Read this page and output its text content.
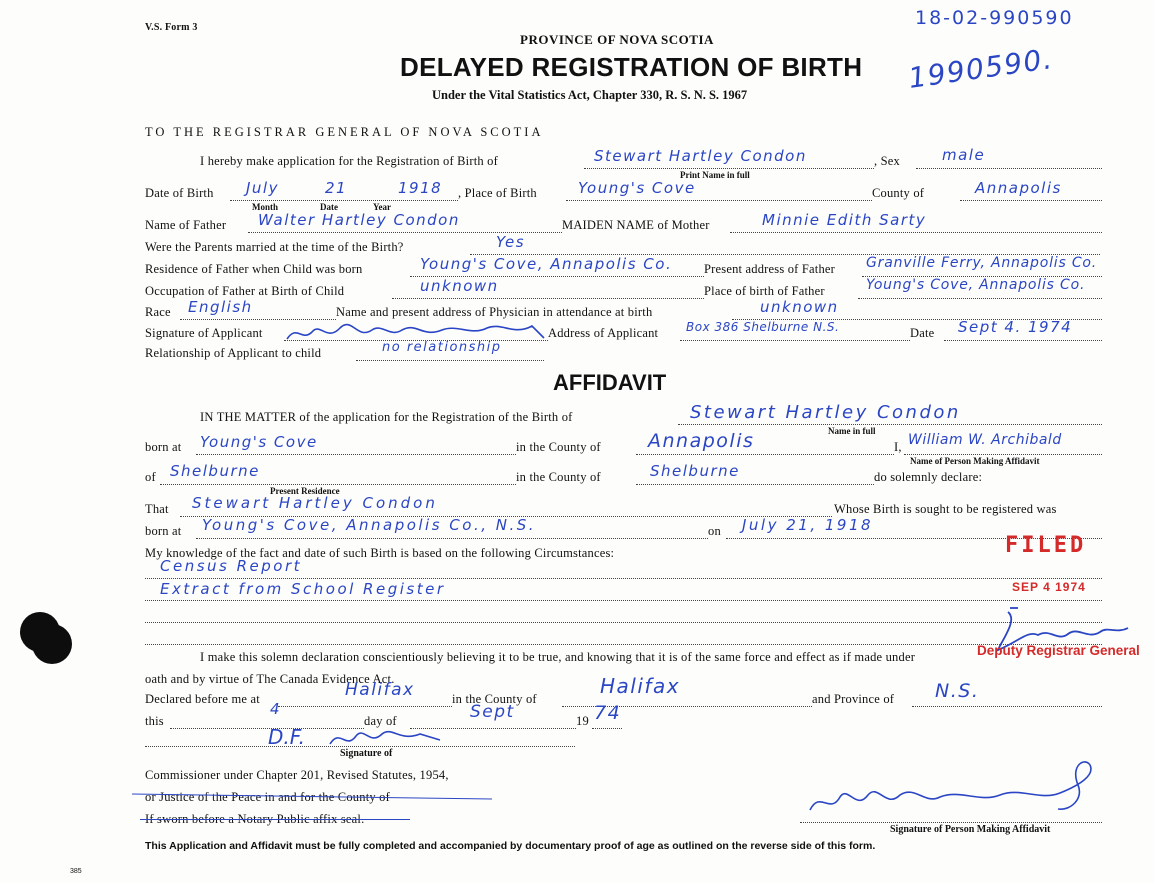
V.S. Form 3
PROVINCE OF NOVA SCOTIA
DELAYED REGISTRATION OF BIRTH
Under the Vital Statistics Act, Chapter 330, R. S. N. S. 1967
18-02-990590
1990590.
TO THE REGISTRAR GENERAL OF NOVA SCOTIA
I hereby make application for the Registration of Birth of	Stewart Hartley Condon	, Sex	male
Print Name in full
Date of Birth July	21	1918
Month	Date	Year
, Place of Birth	Young's Cove	County of	Annapolis
Name of Father Walter Hartley Condon	MAIDEN NAME of Mother	Minnie Edith Sarty
Were the Parents married at the time of the Birth?	Yes
Residence of Father when Child was born	Young's Cove, Annapolis Co.	Present address of Father Granville Ferry, Annapolis Co.
Occupation of Father at Birth of Child	unknown	Place of birth of Father	Young's Cove, Annapolis Co.
Race English	Name and present address of Physician in attendance at birth	unknown
Signature of Applicant	Address of Applicant Box 386 Shelburne N.S.	Date Sept 4. 1974
Relationship of Applicant to child	no relationship
AFFIDAVIT
IN THE MATTER of the application for the Registration of the Birth of	Stewart Hartley Condon
Name in full
born at Young's Cove	in the County of Annapolis	I, William W. Archibald
Name of Person Making Affidavit
of Shelburne
Present Residence
in the County of	Shelburne	do solemnly declare:
That Stewart Hartley Condon	Whose Birth is sought to be registered was
born at Young's Cove, Annapolis Co., N.S.	on July 21, 1918
My knowledge of the fact and date of such Birth is based on the following Circumstances:
Census Report
Extract from School Register
FILED
SEP 4 1974
Deputy Registrar General
I make this solemn declaration conscientiously believing it to be true, and knowing that it is of the same force and effect as if made under
oath and by virtue of The Canada Evidence Act.
Declared before me at	Halifax	in the County of
Halifax
and Province of N.S.
this
4
day of	Sept	19 74
D.F.
Signature of
Commissioner under Chapter 201, Revised Statutes, 1954,
or Justice of the Peace in and for the County of
If sworn before a Notary Public affix seal.
Signature of Person Making Affidavit
This Application and Affidavit must be fully completed and accompanied by documentary proof of age as outlined on the reverse side of this form.
385
